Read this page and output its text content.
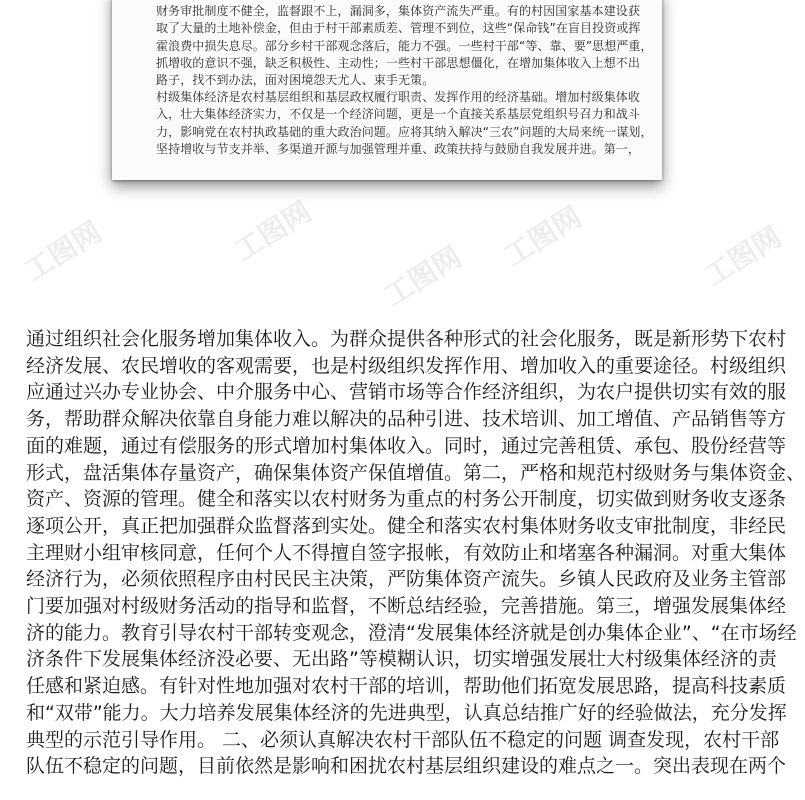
财务审批制度不健全，监督跟不上，漏洞多，集体资产流失严重。有的村因国家基本建设获
取了大量的土地补偿金，但由于村干部素质差、管理不到位，这些“保命钱”在盲目投资或挥
霍浪费中损失息尽。部分乡村干部观念落后，能力不强。一些村干部“等、靠、要”思想严重，
抓增收的意识不强，缺乏积极性、主动性；一些村干部思想僵化，在增加集体收入上想不出
路子，找不到办法，面对困境怨天尤人、束手无策。
村级集体经济是农村基层组织和基层政权履行职责、发挥作用的经济基础。增加村级集体收
入，壮大集体经济实力，不仅是一个经济问题，更是一个直接关系基层党组织号召力和战斗
力，影响党在农村执政基础的重大政治问题。应将其纳入解决“三农”问题的大局来统一谋划，
坚持增收与节支并举、多渠道开源与加强管理并重、政策扶持与鼓励自我发展并进。第一，
工图网	工图网
工图网	工图网
工图网
通过组织社会化服务增加集体收入。为群众提供各种形式的社会化服务，既是新形势下农村
经济发展、农民增收的客观需要，也是村级组织发挥作用、增加收入的重要途径。村级组织
应通过兴办专业协会、中介服务中心、营销市场等合作经济组织，为农户提供切实有效的服
务，帮助群众解决依靠自身能力难以解决的品种引进、技术培训、加工增值、产品销售等方
面的难题，通过有偿服务的形式增加村集体收入。同时，通过完善租赁、承包、股份经营等
形式，盘活集体存量资产，确保集体资产保值增值。第二，严格和规范村级财务与集体资金、
资产、资源的管理。健全和落实以农村财务为重点的村务公开制度，切实做到财务收支逐条
逐项公开，真正把加强群众监督落到实处。健全和落实农村集体财务收支审批制度，非经民
主理财小组审核同意，任何个人不得擅自签字报帐，有效防止和堵塞各种漏洞。对重大集体
经济行为，必须依照程序由村民民主决策，严防集体资产流失。乡镇人民政府及业务主管部
门要加强对村级财务活动的指导和监督，不断总结经验，完善措施。第三，增强发展集体经
济的能力。教育引导农村干部转变观念，澄清“发展集体经济就是创办集体企业”、“在市场经
济条件下发展集体经济没必要、无出路”等模糊认识，切实增强发展壮大村级集体经济的责
任感和紧迫感。有针对性地加强对农村干部的培训，帮助他们拓宽发展思路，提高科技素质
和“双带”能力。大力培养发展集体经济的先进典型，认真总结推广好的经验做法，充分发挥
典型的示范引导作用。 二、必须认真解决农村干部队伍不稳定的问题 调查发现，农村干部
队伍不稳定的问题，目前依然是影响和困扰农村基层组织建设的难点之一。突出表现在两个
